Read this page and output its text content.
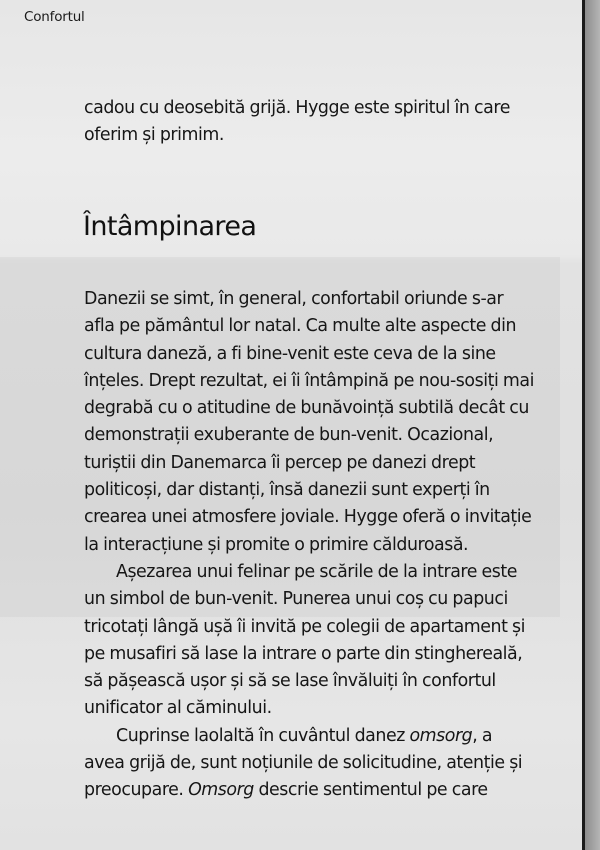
Confortul

cadou cu deosebită grijă. Hygge este spiritul în care oferim și primim.

Întâmpinarea

Danezii se simt, în general, confortabil oriunde s-ar afla pe pământul lor natal. Ca multe alte aspecte din cultura daneză, a fi bine-venit este ceva de la sine înțeles. Drept rezultat, ei îi întâmpină pe nou-sosiți mai degrabă cu o atitudine de bunăvoință subtilă decât cu demonstrații exuberante de bun-venit. Ocazional, turiștii din Danemarca îi percep pe danezi drept politicoși, dar distanți, însă danezii sunt experți în crearea unei atmosfere joviale. Hygge oferă o invitație la interacțiune și promite o primire călduroasă.

Așezarea unui felinar pe scările de la intrare este un simbol de bun-venit. Punerea unui coș cu papuci tricotați lângă ușă îi invită pe colegii de apartament și pe musafiri să lase la intrare o parte din stinghereală, să pășească ușor și să se lase învăluiți în confortul unificator al căminului.

Cuprinse laolaltă în cuvântul danez omsorg, a avea grijă de, sunt noțiunile de solicitudine, atenție și preocupare. Omsorg descrie sentimentul pe care
